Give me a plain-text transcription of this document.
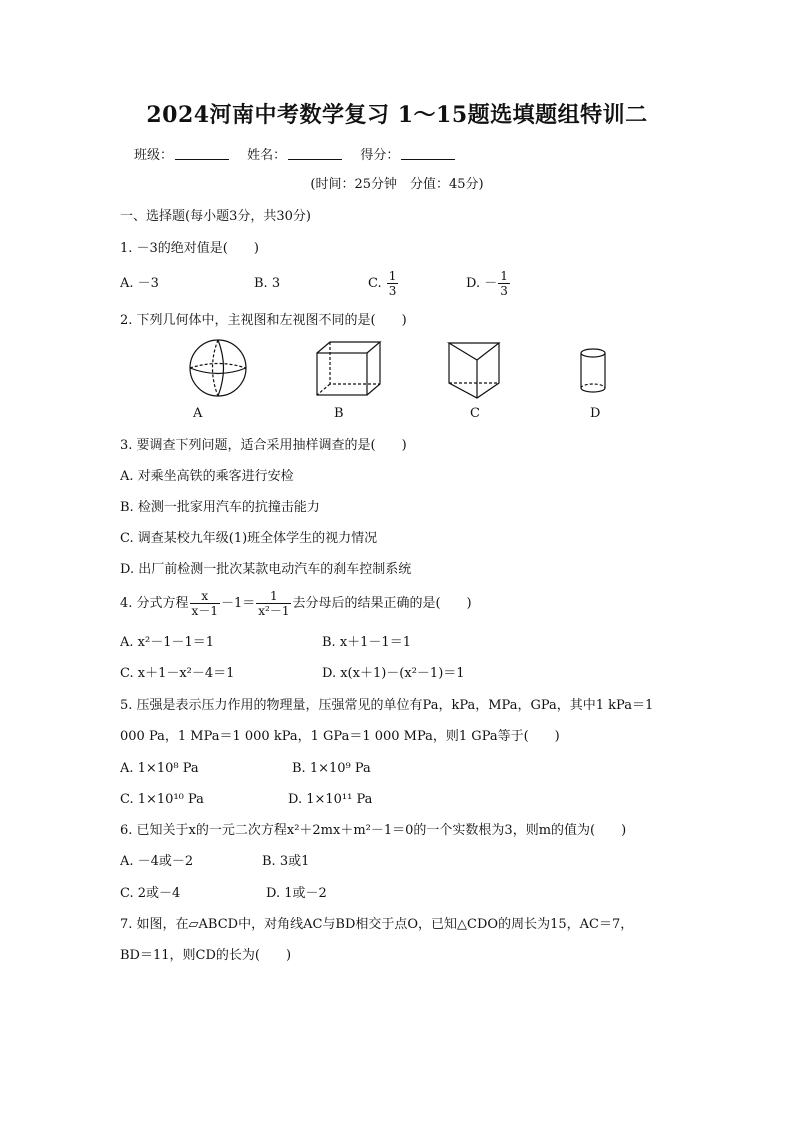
2024河南中考数学复习 1～15题选填题组特训二
班级：	姓名：	得分：
(时间：25分钟　分值：45分)
一、选择题(每小题3分，共30分)
1. －3的绝对值是(　　)
A. －3	B. 3	C. $\frac{1}{3}$	D. － $\frac{1}{3}$
2. 下列几何体中，主视图和左视图不同的是(　　)
A	B	C	D
3. 要调查下列问题，适合采用抽样调查的是(　　)
A. 对乘坐高铁的乘客进行安检
B. 检测一批家用汽车的抗撞击能力
C. 调查某校九年级(1)班全体学生的视力情况
D. 出厂前检测一批次某款电动汽车的刹车控制系统
4. 分式方程 $\frac{x}{x-1} -1= \frac{1}{\text{x²－1}}$ 去分母后的结果正确的是(　　)
A. x²－1－1＝1	B. x＋1－1＝1
C. x＋1－x²－4＝1	D. x(x＋1)－(x²－1)＝1
5. 压强是表示压力作用的物理量，压强常见的单位有Pa，kPa，MPa，GPa，其中1 kPa＝1
000 Pa，1 MPa＝1 000 kPa，1 GPa＝1 000 MPa，则1 GPa等于(　　)
A. 1×10⁸ Pa	B. 1×10⁹ Pa
C. 1×10¹⁰ Pa	D. 1×10¹¹ Pa
6. 已知关于x的一元二次方程x²＋2mx＋m²－1＝0的一个实数根为3，则m的值为(　　)
A. －4或－2	B. 3或1
C. 2或－4	D. 1或－2
7. 如图，在▱ABCD中，对角线AC与BD相交于点O，已知△CDO的周长为15，AC＝7，
BD＝11，则CD的长为(　　)
